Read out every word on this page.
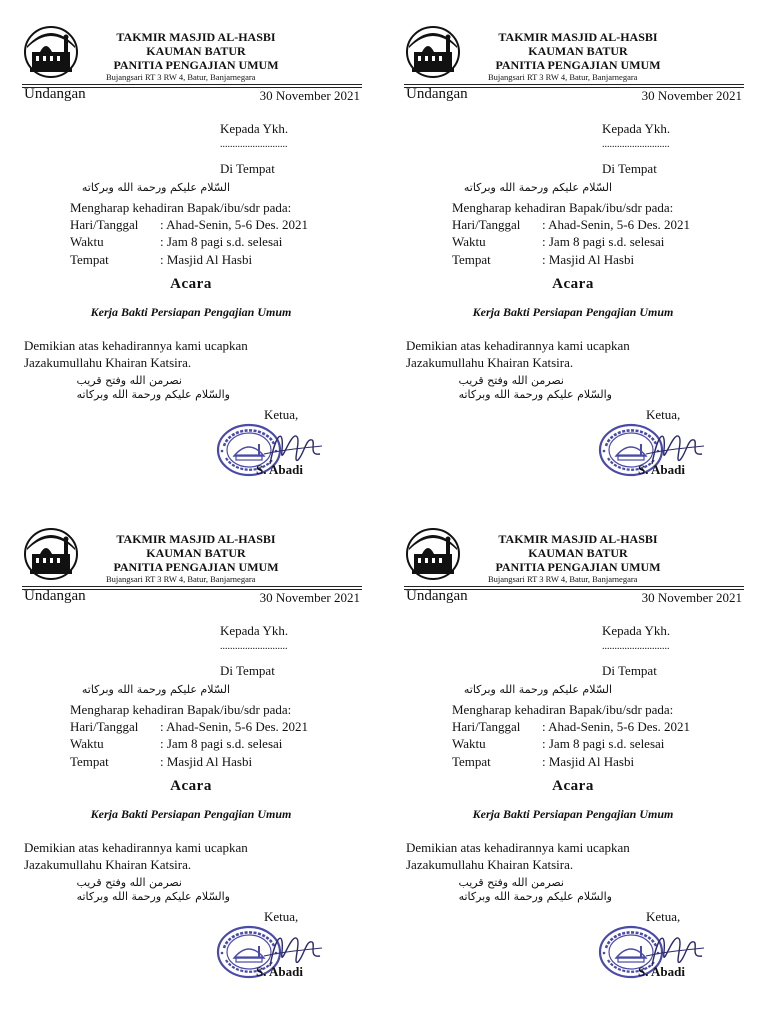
TAKMIR MASJID AL-HASBI
KAUMAN BATUR
PANITIA PENGAJIAN UMUM
Bujangsari RT 3 RW 4, Batur, Banjarnegara
Undangan	30 November 2021
Kepada Ykh.
...........................
Di Tempat
السّلام عليكم ورحمة الله وبركاته
Mengharap kehadiran Bapak/ibu/sdr pada:
Hari/Tanggal : Ahad-Senin, 5-6 Des. 2021
Waktu	: Jam 8 pagi s.d. selesai
Tempat	: Masjid Al Hasbi
Acara
Kerja Bakti Persiapan Pengajian Umum
Demikian atas kehadirannya kami ucapkan
Jazakumullahu Khairan Katsira.
نصرمن الله وفتح قريب
والسّلام عليكم ورحمة الله وبركاته
Ketua,
S. Abadi
TAKMIR MASJID AL-HASBI
KAUMAN BATUR
PANITIA PENGAJIAN UMUM
Bujangsari RT 3 RW 4, Batur, Banjarnegara
Undangan	30 November 2021
Kepada Ykh.
...........................
Di Tempat
السّلام عليكم ورحمة الله وبركاته
Mengharap kehadiran Bapak/ibu/sdr pada:
Hari/Tanggal : Ahad-Senin, 5-6 Des. 2021
Waktu	: Jam 8 pagi s.d. selesai
Tempat	: Masjid Al Hasbi
Acara
Kerja Bakti Persiapan Pengajian Umum
Demikian atas kehadirannya kami ucapkan
Jazakumullahu Khairan Katsira.
نصرمن الله وفتح قريب
والسّلام عليكم ورحمة الله وبركاته
Ketua,
S. Abadi
TAKMIR MASJID AL-HASBI
KAUMAN BATUR
PANITIA PENGAJIAN UMUM
Bujangsari RT 3 RW 4, Batur, Banjarnegara
Undangan	30 November 2021
Kepada Ykh.
...........................
Di Tempat
السّلام عليكم ورحمة الله وبركاته
Mengharap kehadiran Bapak/ibu/sdr pada:
Hari/Tanggal : Ahad-Senin, 5-6 Des. 2021
Waktu	: Jam 8 pagi s.d. selesai
Tempat	: Masjid Al Hasbi
Acara
Kerja Bakti Persiapan Pengajian Umum
Demikian atas kehadirannya kami ucapkan
Jazakumullahu Khairan Katsira.
نصرمن الله وفتح قريب
والسّلام عليكم ورحمة الله وبركاته
Ketua,
S. Abadi
TAKMIR MASJID AL-HASBI
KAUMAN BATUR
PANITIA PENGAJIAN UMUM
Bujangsari RT 3 RW 4, Batur, Banjarnegara
Undangan	30 November 2021
Kepada Ykh.
...........................
Di Tempat
السّلام عليكم ورحمة الله وبركاته
Mengharap kehadiran Bapak/ibu/sdr pada:
Hari/Tanggal : Ahad-Senin, 5-6 Des. 2021
Waktu	: Jam 8 pagi s.d. selesai
Tempat	: Masjid Al Hasbi
Acara
Kerja Bakti Persiapan Pengajian Umum
Demikian atas kehadirannya kami ucapkan
Jazakumullahu Khairan Katsira.
نصرمن الله وفتح قريب
والسّلام عليكم ورحمة الله وبركاته
Ketua,
S. Abadi
